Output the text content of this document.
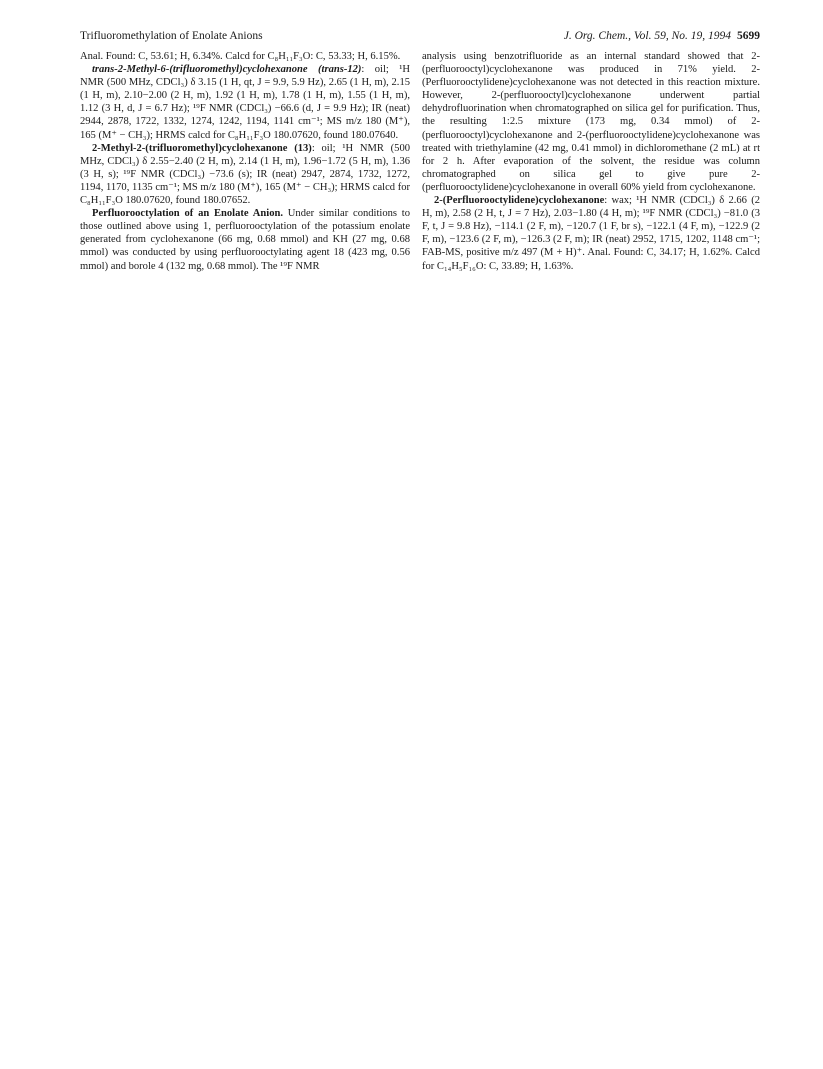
Trifluoromethylation of Enolate Anions	J. Org. Chem., Vol. 59, No. 19, 1994 5699

Anal. Found: C, 53.61; H, 6.34%. Calcd for C₈H₁₁F₃O: C, 53.33; H, 6.15%.

trans-2-Methyl-6-(trifluoromethyl)cyclohexanone (trans-12): oil; ¹H NMR (500 MHz, CDCl₃) δ 3.15 (1 H, qt, J = 9.9, 5.9 Hz), 2.65 (1 H, m), 2.15 (1 H, m), 2.10−2.00 (2 H, m), 1.92 (1 H, m), 1.78 (1 H, m), 1.55 (1 H, m), 1.12 (3 H, d, J = 6.7 Hz); ¹⁹F NMR (CDCl₃) −66.6 (d, J = 9.9 Hz); IR (neat) 2944, 2878, 1722, 1332, 1274, 1242, 1194, 1141 cm⁻¹; MS m/z 180 (M⁺), 165 (M⁺ − CH₃); HRMS calcd for C₈H₁₁F₃O 180.07620, found 180.07640.

2-Methyl-2-(trifluoromethyl)cyclohexanone (13): oil; ¹H NMR (500 MHz, CDCl₃) δ 2.55−2.40 (2 H, m), 2.14 (1 H, m), 1.96−1.72 (5 H, m), 1.36 (3 H, s); ¹⁹F NMR (CDCl₃) −73.6 (s); IR (neat) 2947, 2874, 1732, 1272, 1194, 1170, 1135 cm⁻¹; MS m/z 180 (M⁺), 165 (M⁺ − CH₃); HRMS calcd for C₈H₁₁F₃O 180.07620, found 180.07652.

Perfluorooctylation of an Enolate Anion. Under similar conditions to those outlined above using 1, perfluorooctylation of the potassium enolate generated from cyclohexanone (66 mg, 0.68 mmol) and KH (27 mg, 0.68 mmol) was conducted by using perfluorooctylating agent 18 (423 mg, 0.56 mmol) and borole 4 (132 mg, 0.68 mmol). The ¹⁹F NMR

analysis using benzotrifluoride as an internal standard showed that 2-(perfluorooctyl)cyclohexanone was produced in 71% yield. 2-(Perfluorooctylidene)cyclohexanone was not detected in this reaction mixture. However, 2-(perfluorooctyl)cyclohexanone underwent partial dehydrofluorination when chromatographed on silica gel for purification. Thus, the resulting 1:2.5 mixture (173 mg, 0.34 mmol) of 2-(perfluorooctyl)cyclohexanone and 2-(perfluorooctylidene)cyclohexanone was treated with triethylamine (42 mg, 0.41 mmol) in dichloromethane (2 mL) at rt for 2 h. After evaporation of the solvent, the residue was column chromatographed on silica gel to give pure 2-(perfluorooctylidene)cyclohexanone in overall 60% yield from cyclohexanone.

2-(Perfluorooctylidene)cyclohexanone: wax; ¹H NMR (CDCl₃) δ 2.66 (2 H, m), 2.58 (2 H, t, J = 7 Hz), 2.03−1.80 (4 H, m); ¹⁹F NMR (CDCl₃) −81.0 (3 F, t, J = 9.8 Hz), −114.1 (2 F, m), −120.7 (1 F, br s), −122.1 (4 F, m), −122.9 (2 F, m), −123.6 (2 F, m), −126.3 (2 F, m); IR (neat) 2952, 1715, 1202, 1148 cm⁻¹; FAB-MS, positive m/z 497 (M + H)⁺. Anal. Found: C, 34.17; H, 1.62%. Calcd for C₁₄H₅F₁₆O: C, 33.89; H, 1.63%.
